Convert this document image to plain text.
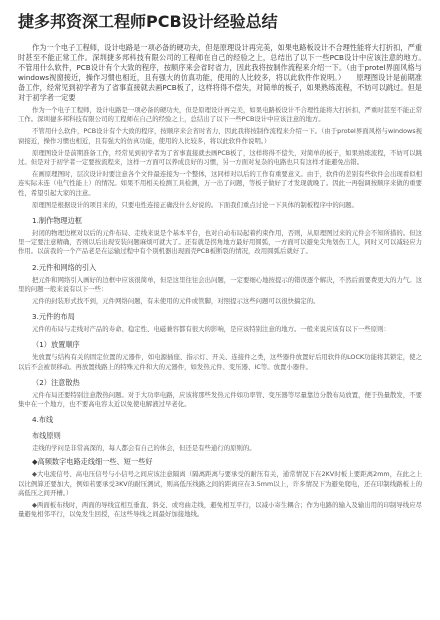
捷多邦资深工程师PCB设计经验总结

作为一个电子工程师，设计电路是一项必备的硬功夫，但是原理设计再完美，如果电路板设计不合理性能将大打折扣，严重时甚至不能正常工作。深圳捷多邦科技有限公司的工程师在自己的经验之上，总结出了以下一些PCB设计中应该注意的地方。　　不管用什么软件，PCB设计有个大致的程序，按顺序来会省时省力，因此我将按制作流程来介绍一下。（由于protel界面风格与windows视窗接近，操作习惯也相近，且有强大的仿真功能，使用的人比较多，将以此软件作说明。）　　原理图设计是前期准备工作，经常见到初学者为了省事直接就去画PCB板了，这样将得不偿失，对简单的板子，如果熟练流程，不妨可以跳过。但是对于初学者一定要

作为一个电子工程师，设计电路是一项必备的硬功夫，但是原理设计再完美，如果电路板设计不合理性能将大打折扣，严重时甚至不能正常工作。深圳捷多邦科技有限公司的工程师在自己的经验之上，总结出了以下一些PCB设计中应该注意的地方。

不管用什么软件，PCB设计有个大致的程序，按顺序来会省时省力，因此我将按制作流程来介绍一下。（由于protel界面风格与windows视窗接近，操作习惯也相近，且有强大的仿真功能，使用的人比较多，将以此软件作说明。）

原理图设计是前期准备工作，经常见到初学者为了省事直接就去画PCB板了，这样将得不偿失，对简单的板子，如果熟练流程，不妨可以跳过。但是对于初学者一定要按流程来，这样一方面可以养成良好的习惯，另一方面对复杂的电路也只有这样才能避免出错。

在画原理图时，层次设计时要注意各个文件最连接为一个整体，这同样对以后的工作有重要意义。由于，软件的差别有些软件会出现看似相连实际未连（电气性能上）的情况。如果不用相关检测工具检测，万一出了问题，等板子做好了才发现就晚了。因此一再强调按顺序来做的重要性，希望引起大家的注意。

原理图是根据设计的项目来的，只要电性连接正确没什么好说的。下面我们重点讨论一下具体的制板程序中的问题。

1.制作物理边框

封闭的物理边框对以后的元件布局、走线来说是个基本平台，也对自动布局起着约束作用，否则，从原理图过来的元件会不知所措的。但这里一定要注意精确，否则以后出现安装问题麻烦可就大了。还有就是拐角地方最好用圆弧，一方面可以避免尖角划伤工人，同时又可以减轻应力作用。以前我的一个产品老是在运输过程中有个别机器出现面壳PCB板断裂的情况，改用圆弧后就好了。

2.元件和网络的引入

把元件和网络引入画好的边框中应该很简单，但是这里往往会出问题，一定要细心地按提示的错误逐个解决，不然后面要费更大的力气。这里的问题一般来说有以下一些：

元件的封装形式找不到，元件网络问题，有未使用的元件或管脚，对照提示这些问题可以很快搞定的。

3.元件的布局

元件的布局与走线对产品的寿命、稳定性、电磁兼容都有很大的影响，是应该特别注意的地方。一般来说应该有以下一些原则：

（1）放置顺序

先放置与结构有关的固定位置的元器件，如电源插座、指示灯、开关、连接件之类，这些器件放置好后用软件的LOCK功能将其锁定，使之以后不会被误移动。再放置线路上的特殊元件和大的元器件，如发热元件、变压器、IC等。放置小器件。

（2）注意散热

元件布局还要特别注意散热问题。对于大功率电路，应该将那些发热元件如功率管、变压器等尽量靠边分散布局放置，便于热量散发，不要集中在一个地方，也不要高电容太近以免使电解液过早老化。

4.布线
布线原则

走线的学问是非常高深的，每人都会有自己的体会，但还是有些通行的原则的。

◆高频数字电路走线细一些、短一些好

◆大电流信号、高电压信号与小信号之间应该注意隔离（隔离距离与要承受的耐压有关，通常情况下在2KV时板上要距离2mm，在此之上以比例算还要加大，例如若要承受3KV的耐压测试，则高低压线路之间的距离应在3.5mm以上，许多情况下为避免爬电，还在印制线路板上的高低压之间开槽。）

◆两面板布线时，两面的导线宜相互垂直、斜交、或弯曲走线，避免相互平行，以减小寄生耦合；作为电路的输入及输出用的印制导线应尽量避免相邻平行，以免发生回授，在这些导线之间最好加接地线。
